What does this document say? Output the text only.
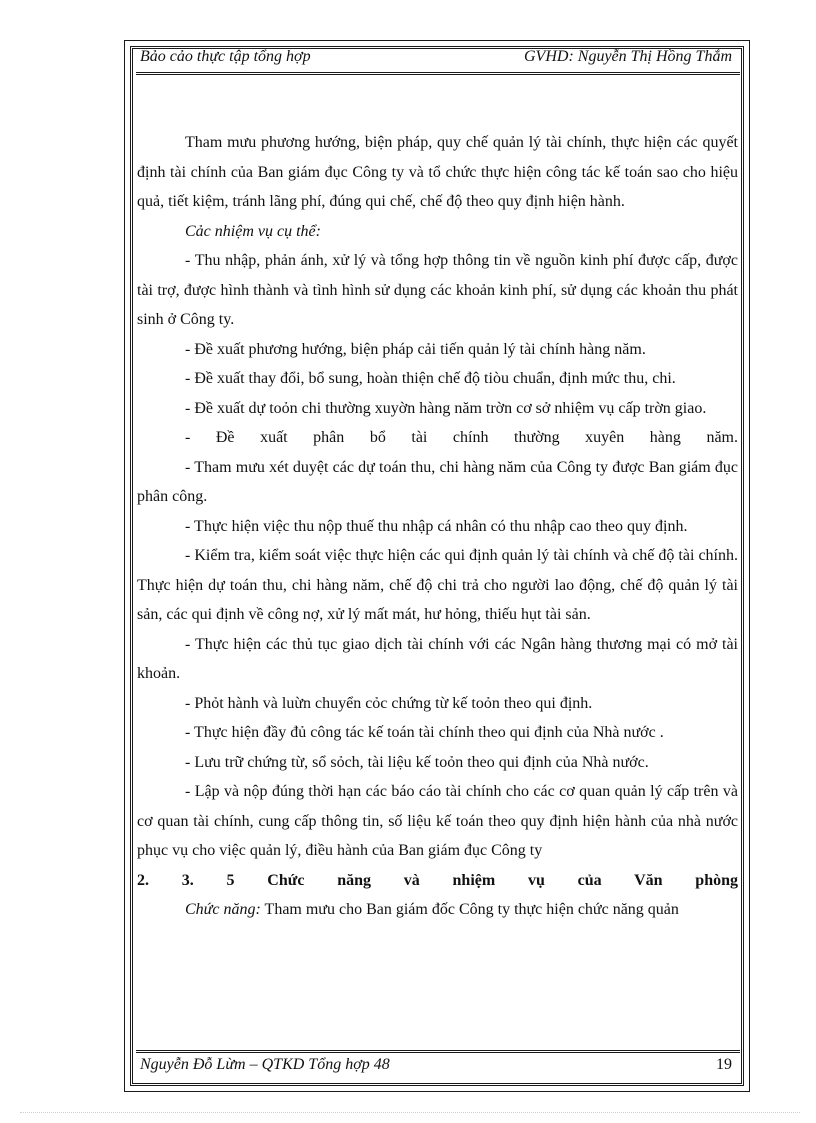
Bảo cảo thực tập tổng hợp	GVHD: Nguyễn Thị Hồng Thắm

Tham mưu phương hướng, biện pháp, quy chế quản lý tài chính, thực hiện các quyết định tài chính của Ban giám đục Công ty và tổ chức thực hiện công tác kế toán sao cho hiệu quả, tiết kiệm, tránh lãng phí, đúng qui chế, chế độ theo quy định hiện hành.

Cảc nhiệm vụ cụ thể:

- Thu nhập, phản ánh, xử lý và tổng hợp thông tin về nguồn kinh phí được cấp, được tài trợ, được hình thành và tình hình sử dụng các khoản kinh phí, sử dụng các khoản thu phát sinh ở Công ty.

- Đề xuất phương hướng, biện pháp cải tiến quản lý tài chính hàng năm.

- Đề xuất thay đổi, bổ sung, hoàn thiện chế độ tiòu chuẩn, định mức thu, chi.

- Đề xuất dự toỏn chi thường xuyờn hàng năm trờn cơ sở nhiệm vụ cấp trờn giao.

- Đề xuất phân bổ tài chính thường xuyên hàng năm.

- Tham mưu xét duyệt các dự toán thu, chi hàng năm của Công ty được Ban giám đục phân công.

- Thực hiện việc thu nộp thuế thu nhập cá nhân có thu nhập cao theo quy định.

- Kiểm tra, kiểm soát việc thực hiện các qui định quản lý tài chính và chế độ tài chính. Thực hiện dự toán thu, chi hàng năm, chế độ chi trả cho người lao động, chế độ quản lý tài sản, các qui định về công nợ, xử lý mất mát, hư hỏng, thiếu hụt tài sản.

- Thực hiện các thủ tục giao dịch tài chính với các Ngân hàng thương mại có mở tài khoản.

- Phỏt hành và luừn chuyển cỏc chứng từ kế toỏn theo qui định.

- Thực hiện đầy đủ công tác kế toán tài chính theo qui định của Nhà nước .

- Lưu trữ chứng từ, sổ sỏch, tài liệu kế toỏn theo qui định của Nhà nước.

- Lập và nộp đúng thời hạn các báo cáo tài chính cho các cơ quan quản lý cấp trên và cơ quan tài chính, cung cấp thông tin, số liệu kế toán theo quy định hiện hành của nhà nước phục vụ cho việc quản lý, điều hành của Ban giám đục Công ty

2. 3. 5 Chức năng và nhiệm vụ của Văn phòng

Chức năng: Tham mưu cho Ban giám đốc Công ty thực hiện chức năng quản

Nguyễn Đỗ Lừm – QTKD Tổng hợp 48	19
